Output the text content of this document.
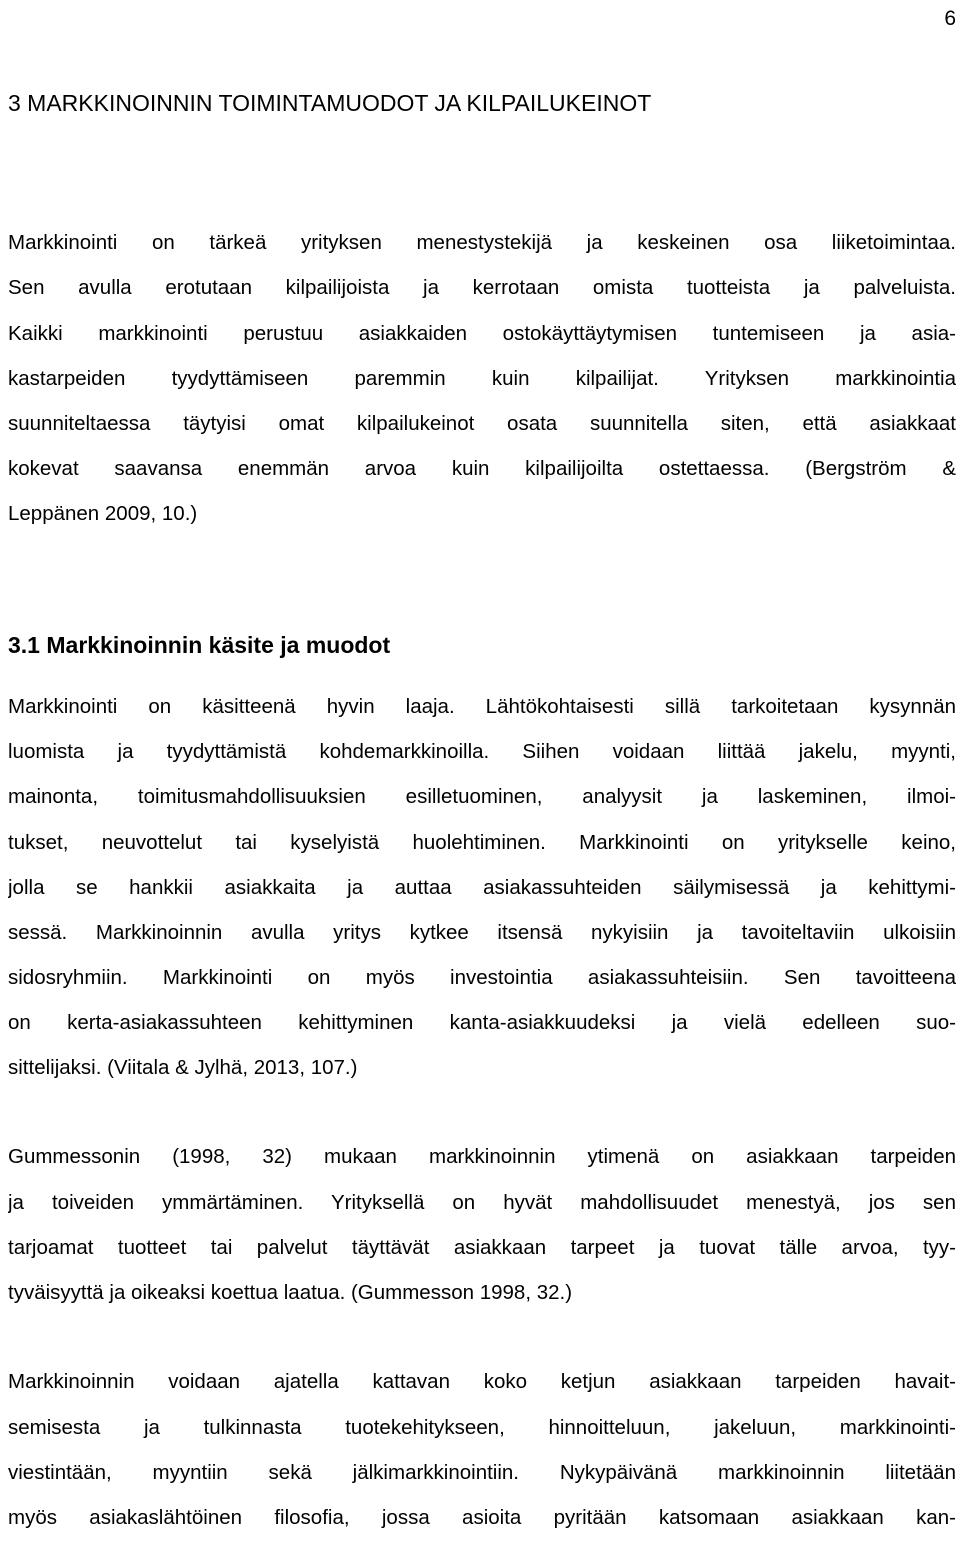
6
3 MARKKINOINNIN TOIMINTAMUODOT JA KILPAILUKEINOT
Markkinointi on tärkeä yrityksen menestystekijä ja keskeinen osa liiketoimintaa.
Sen avulla erotutaan kilpailijoista ja kerrotaan omista tuotteista ja palveluista.
Kaikki markkinointi perustuu asiakkaiden ostokäyttäytymisen tuntemiseen ja asia-
kastarpeiden tyydyttämiseen paremmin kuin kilpailijat. Yrityksen markkinointia
suunniteltaessa täytyisi omat kilpailukeinot osata suunnitella siten, että asiakkaat
kokevat saavansa enemmän arvoa kuin kilpailijoilta ostettaessa. (Bergström &
Leppänen 2009, 10.)
3.1 Markkinoinnin käsite ja muodot
Markkinointi on käsitteenä hyvin laaja. Lähtökohtaisesti sillä tarkoitetaan kysynnän
luomista ja tyydyttämistä kohdemarkkinoilla. Siihen voidaan liittää jakelu, myynti,
mainonta, toimitusmahdollisuuksien esilletuominen, analyysit ja laskeminen, ilmoi-
tukset, neuvottelut tai kyselyistä huolehtiminen. Markkinointi on yritykselle keino,
jolla se hankkii asiakkaita ja auttaa asiakassuhteiden säilymisessä ja kehittymi-
sessä. Markkinoinnin avulla yritys kytkee itsensä nykyisiin ja tavoiteltaviin ulkoisiin
sidosryhmiin. Markkinointi on myös investointia asiakassuhteisiin. Sen tavoitteena
on kerta-asiakassuhteen kehittyminen kanta-asiakkuudeksi ja vielä edelleen suo-
sittelijaksi. (Viitala & Jylhä, 2013, 107.)
Gummessonin (1998, 32) mukaan markkinoinnin ytimenä on asiakkaan tarpeiden
ja toiveiden ymmärtäminen. Yrityksellä on hyvät mahdollisuudet menestyä, jos sen
tarjoamat tuotteet tai palvelut täyttävät asiakkaan tarpeet ja tuovat tälle arvoa, tyy-
tyväisyyttä ja oikeaksi koettua laatua. (Gummesson 1998, 32.)
Markkinoinnin voidaan ajatella kattavan koko ketjun asiakkaan tarpeiden havait-
semisesta ja tulkinnasta tuotekehitykseen, hinnoitteluun, jakeluun, markkinointi-
viestintään, myyntiin sekä jälkimarkkinointiin. Nykypäivänä markkinoinnin liitetään
myös asiakaslähtöinen filosofia, jossa asioita pyritään katsomaan asiakkaan kan-
